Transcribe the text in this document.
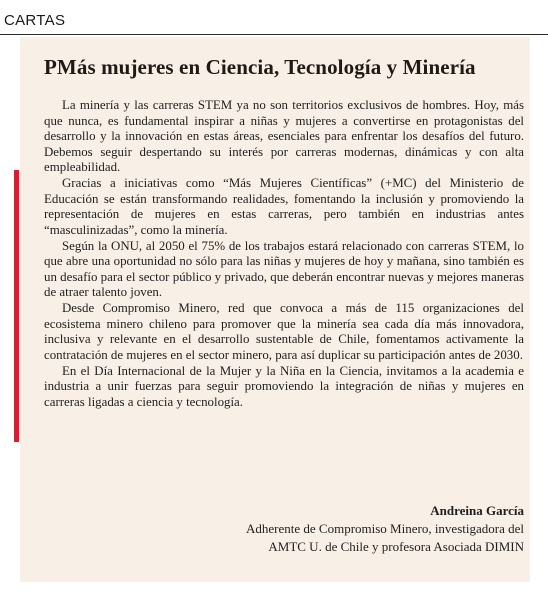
CARTAS
PMás mujeres en Ciencia, Tecnología y Minería

La minería y las carreras STEM ya no son territorios exclusivos de hombres. Hoy, más que nunca, es fundamental inspirar a niñas y mujeres a convertirse en protagonistas del desarrollo y la innovación en estas áreas, esenciales para enfrentar los desafíos del futuro. Debemos seguir despertando su interés por carreras modernas, dinámicas y con alta empleabilidad.

Gracias a iniciativas como “Más Mujeres Científicas” (+MC) del Ministerio de Educación se están transformando realidades, fomentando la inclusión y promoviendo la representación de mujeres en estas carreras, pero también en industrias antes “masculinizadas”, como la minería.

Según la ONU, al 2050 el 75% de los trabajos estará relacionado con carreras STEM, lo que abre una oportunidad no sólo para las niñas y mujeres de hoy y mañana, sino también es un desafío para el sector público y privado, que deberán encontrar nuevas y mejores maneras de atraer talento joven.

Desde Compromiso Minero, red que convoca a más de 115 organizaciones del ecosistema minero chileno para promover que la minería sea cada día más innovadora, inclusiva y relevante en el desarrollo sustentable de Chile, fomentamos activamente la contratación de mujeres en el sector minero, para así duplicar su participación antes de 2030.

En el Día Internacional de la Mujer y la Niña en la Ciencia, invitamos a la academia e industria a unir fuerzas para seguir promoviendo la integración de niñas y mujeres en carreras ligadas a ciencia y tecnología.

Andreina García
Adherente de Compromiso Minero, investigadora del
AMTC U. de Chile y profesora Asociada DIMIN
